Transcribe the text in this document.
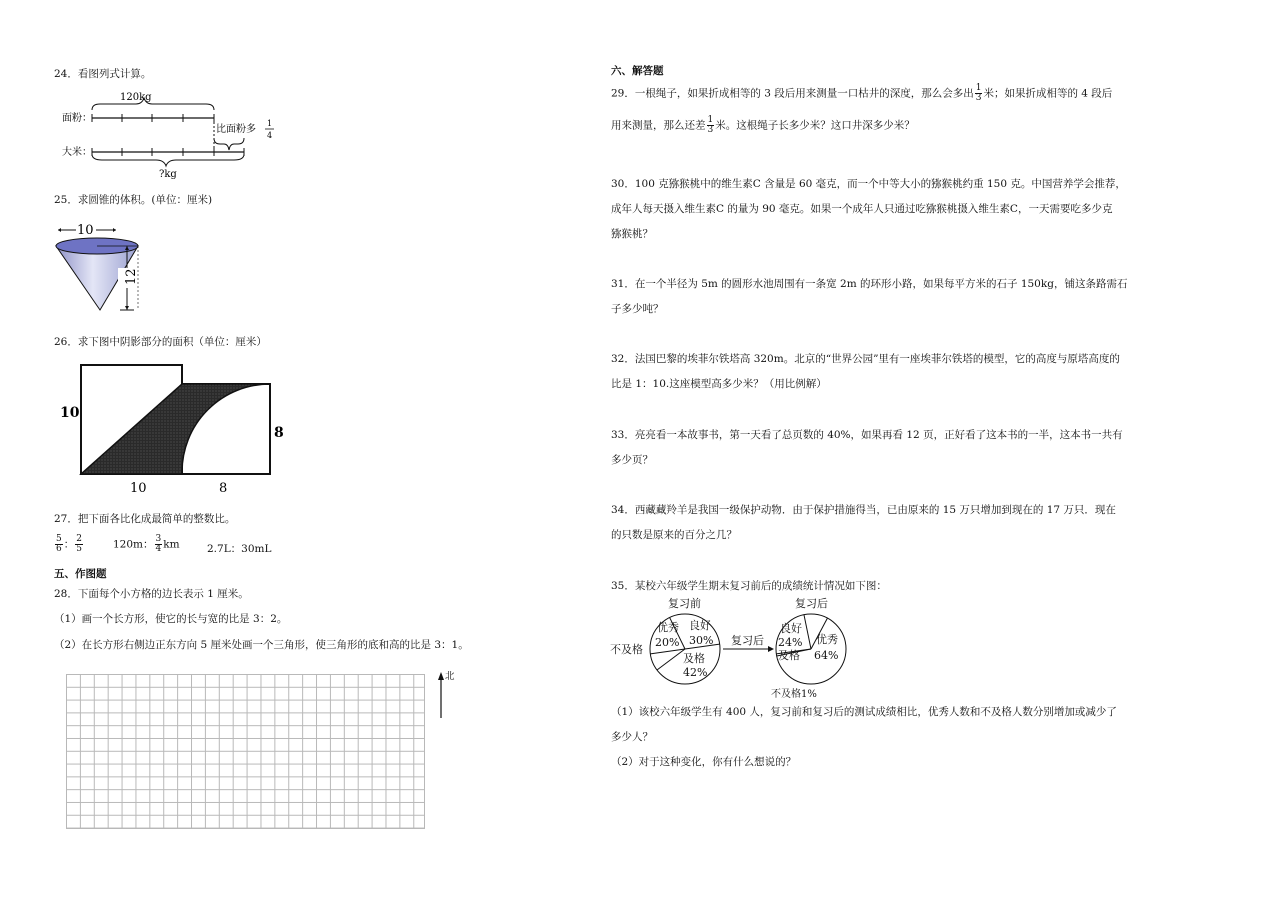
24．看图列式计算。
120kg
面粉：
比面粉多
1
4
大米：
?kg
25．求圆锥的体积。(单位：厘米)
10
12
26．求下图中阴影部分的面积（单位：厘米）
10
8
10	8
27．把下面各比化成最简单的整数比。
$\frac{5}{6}$ ： $\frac{2}{5}$	120m： $\frac{3}{4}$ km	2.7L：30mL
五、作图题
28．下面每个小方格的边长表示 1 厘米。
（1）画一个长方形，使它的长与宽的比是 3：2。
（2）在长方形右侧边正东方向 5 厘米处画一个三角形，使三角形的底和高的比是 3：1。
北
六、解答题
29．一根绳子，如果折成相等的 3 段后用来测量一口枯井的深度，那么会多出 $\frac{1}{3}$ 米；如果折成相等的 4 段后
用来测量，那么还差 $\frac{1}{3}$ 米。这根绳子长多少米？这口井深多少米？
30．100 克猕猴桃中的维生素C 含量是 60 毫克，而一个中等大小的猕猴桃约重 150 克。中国营养学会推荐，
成年人每天摄入维生素C 的量为 90 毫克。如果一个成年人只通过吃猕猴桃摄入维生素C，一天需要吃多少克
猕猴桃？
31．在一个半径为 5m 的圆形水池周围有一条宽 2m 的环形小路，如果每平方米的石子 150kg，铺这条路需石
子多少吨？
32．法国巴黎的埃菲尔铁塔高 320m。北京的“世界公园”里有一座埃菲尔铁塔的模型，它的高度与原塔高度的
比是 1：10.这座模型高多少米？（用比例解）
33．亮亮看一本故事书，第一天看了总页数的 40%，如果再看 12 页，正好看了这本书的一半，这本书一共有
多少页？
34．西藏藏羚羊是我国一级保护动物．由于保护措施得当，已由原来的 15 万只增加到现在的 17 万只．现在
的只数是原来的百分之几？
35．某校六年级学生期末复习前后的成绩统计情况如下图：
复习前
优秀
20%
良好
30%
及格
42%
不及格
复习后
复习后
良好
24%
及格
优秀
64%
不及格1%
（1）该校六年级学生有 400 人，复习前和复习后的测试成绩相比，优秀人数和不及格人数分别增加或减少了
多少人？
（2）对于这种变化，你有什么想说的？
